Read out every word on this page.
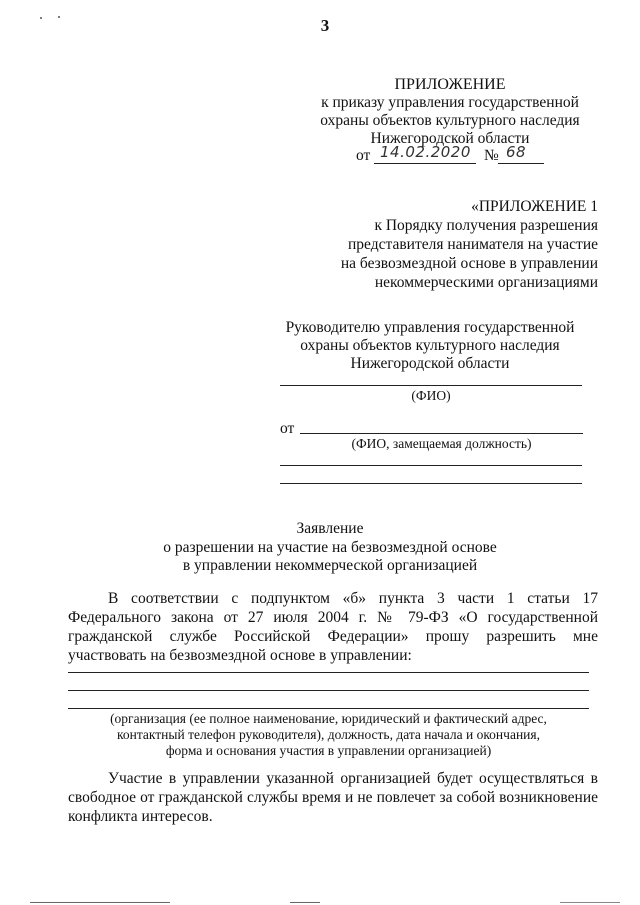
3
ПРИЛОЖЕНИЕ
к приказу управления государственной
охраны объектов культурного наследия
Нижегородской области
от 14.02.2020 № 68
«ПРИЛОЖЕНИЕ 1
к Порядку получения разрешения
представителя нанимателя на участие
на безвозмездной основе в управлении
некоммерческими организациями
Руководителю управления государственной
охраны объектов культурного наследия
Нижегородской области
(ФИО)
от
(ФИО, замещаемая должность)
Заявление
о разрешении на участие на безвозмездной основе
в управлении некоммерческой организацией
В соответствии с подпунктом «б» пункта 3 части 1 статьи 17 Федерального закона от 27 июля 2004 г. № 79-ФЗ «О государственной гражданской службе Российской Федерации» прошу разрешить мне участвовать на безвозмездной основе в управлении:
(организация (ее полное наименование, юридический и фактический адрес,
контактный телефон руководителя), должность, дата начала и окончания,
форма и основания участия в управлении организацией)
Участие в управлении указанной организацией будет осуществляться в свободное от гражданской службы время и не повлечет за собой возникновение конфликта интересов.
